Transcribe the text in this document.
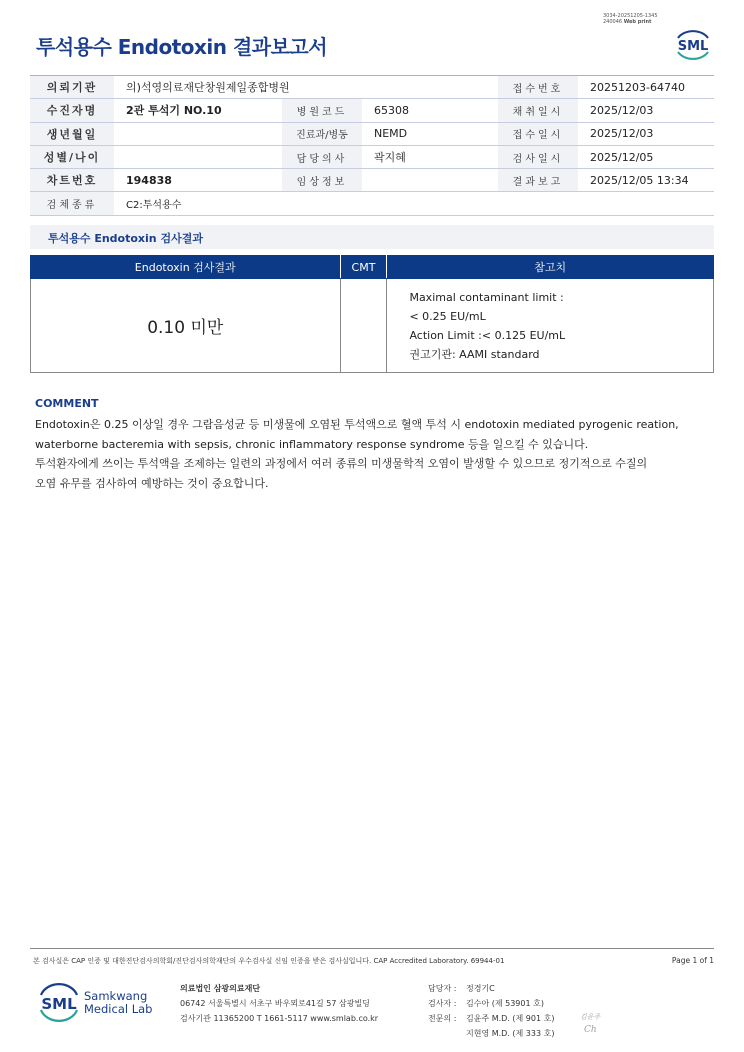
3034-20251205-1345
240046 Web print
투석용수 Endotoxin 결과보고서	SML
의뢰기관	의)석영의료재단창원제일종합병원			접수번호	20251203-64740
수진자명	2관 투석기 NO.10	병원코드	65308	채취일시	2025/12/03
생년월일		진료과/병동	NEMD	접수일시	2025/12/03
성별/나이		담당의사	곽지혜	검사일시	2025/12/05
차트번호	194838	임상정보		결과보고	2025/12/05 13:34
검체종류	C2:투석용수				
투석용수 Endotoxin 검사결과
Endotoxin 검사결과	CMT	참고치
0.10 미만		Maximal contaminant limit :
< 0.25 EU/mL
Action Limit :< 0.125 EU/mL
권고기관: AAMI standard
COMMENT
Endotoxin은 0.25 이상일 경우 그람음성균 등 미생물에 오염된 투석액으로 혈액 투석 시 endotoxin mediated pyrogenic reation,
waterborne bacteremia with sepsis, chronic inflammatory response syndrome 등을 일으킬 수 있습니다.
투석환자에게 쓰이는 투석액을 조제하는 일련의 과정에서 여러 종류의 미생물학적 오염이 발생할 수 있으므로 정기적으로 수질의
오염 유무를 검사하여 예방하는 것이 중요합니다.
본 검사실은 CAP 인증 및 대한진단검사의학회/진단검사의학재단의 우수검사실 신임 인증을 받은 검사실입니다. CAP Accredited Laboratory. 69944-01	Page 1 of 1
SML Samkwang
Medical Lab
의료법인 삼광의료재단
06742 서울특별시 서초구 바우뫼로41길 57 삼광빌딩
검사기관 11365200 T 1661-5117 www.smlab.co.kr
담당자 :	정경기C
검사자 :	김수아 (제 53901 호)
전문의 :	김윤주 M.D. (제 901 호)
지현영 M.D. (제 333 호)
김윤주
Ch
